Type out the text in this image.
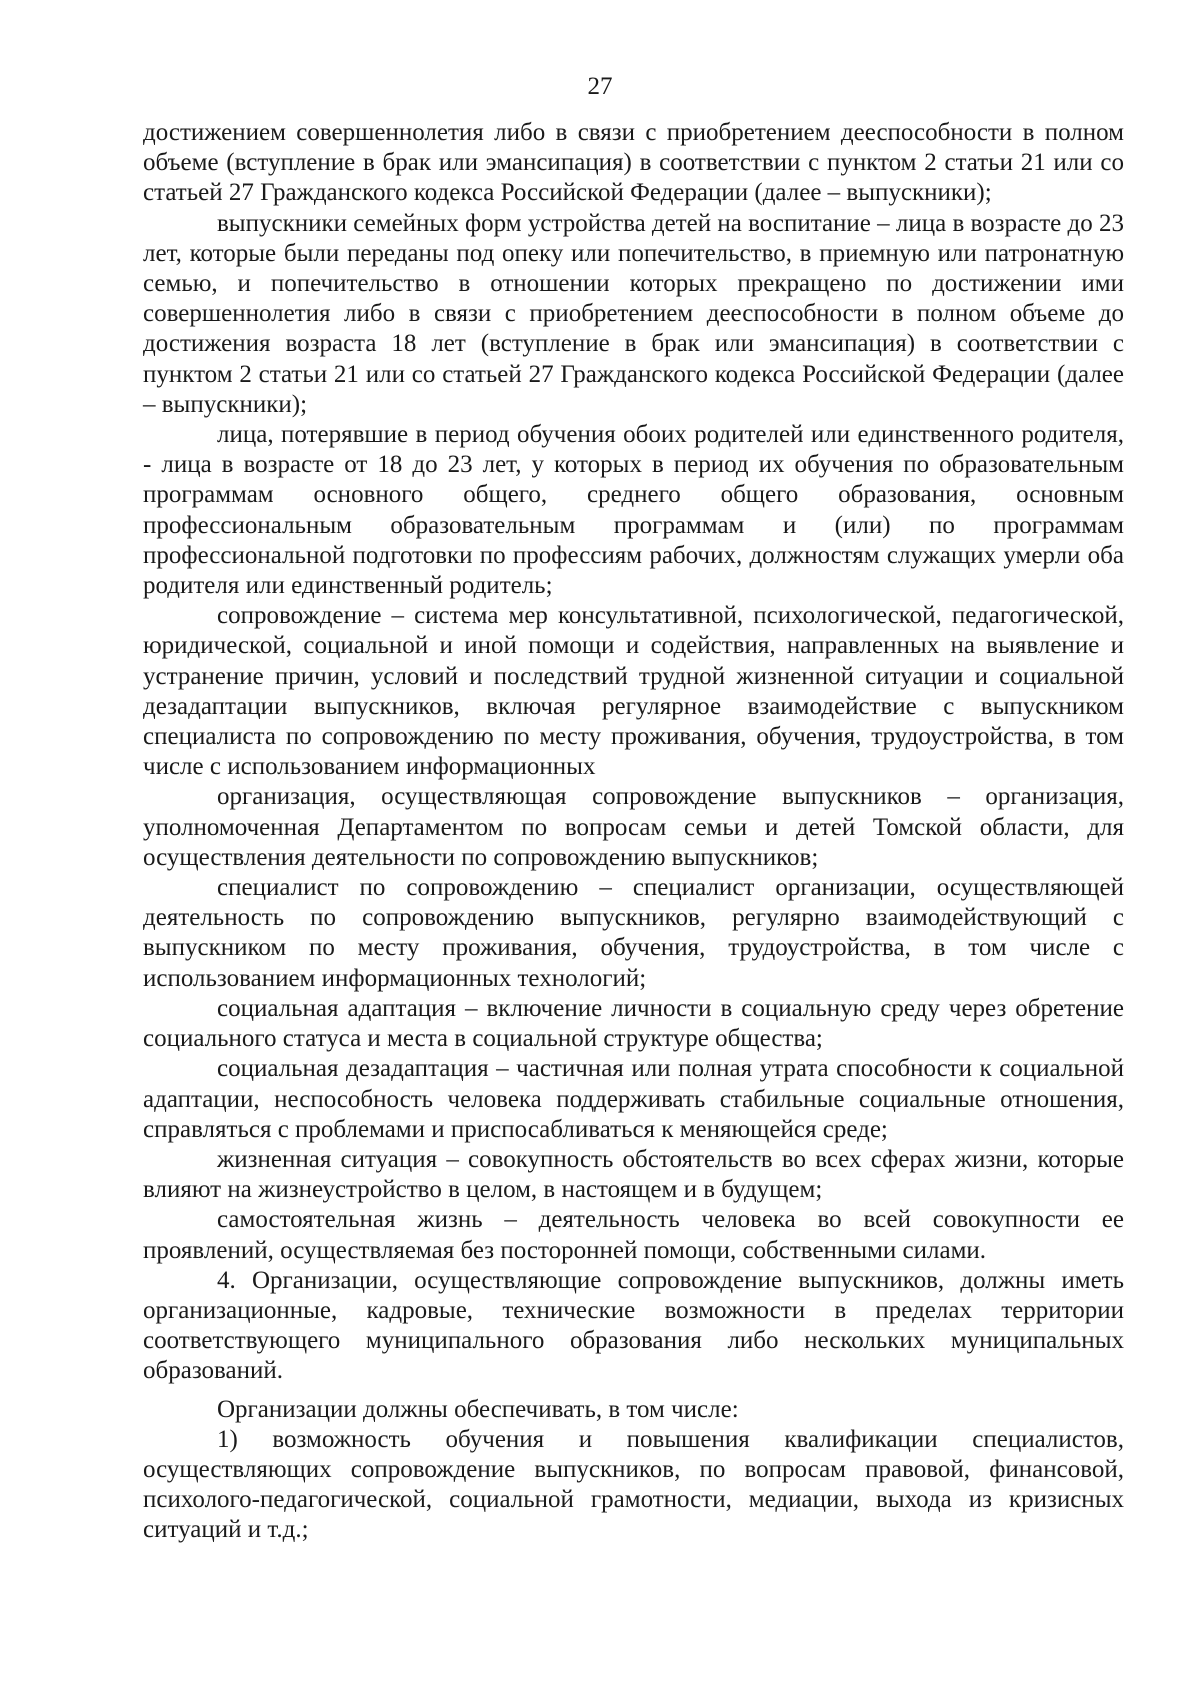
27

достижением совершеннолетия либо в связи с приобретением дееспособности в полном объеме (вступление в брак или эмансипация) в соответствии с пунктом 2 статьи 21 или со статьей 27 Гражданского кодекса Российской Федерации (далее – выпускники);

выпускники семейных форм устройства детей на воспитание – лица в возрасте до 23 лет, которые были переданы под опеку или попечительство, в приемную или патронатную семью, и попечительство в отношении которых прекращено по достижении ими совершеннолетия либо в связи с приобретением дееспособности в полном объеме до достижения возраста 18 лет (вступление в брак или эмансипация) в соответствии с пунктом 2 статьи 21 или со статьей 27 Гражданского кодекса Российской Федерации (далее – выпускники);

лица, потерявшие в период обучения обоих родителей или единственного родителя, - лица в возрасте от 18 до 23 лет, у которых в период их обучения по образовательным программам основного общего, среднего общего образования, основным профессиональным образовательным программам и (или) по программам профессиональной подготовки по профессиям рабочих, должностям служащих умерли оба родителя или единственный родитель;

сопровождение – система мер консультативной, психологической, педагогической, юридической, социальной и иной помощи и содействия, направленных на выявление и устранение причин, условий и последствий трудной жизненной ситуации и социальной дезадаптации выпускников, включая регулярное взаимодействие с выпускником специалиста по сопровождению по месту проживания, обучения, трудоустройства, в том числе с использованием информационных

организация, осуществляющая сопровождение выпускников – организация, уполномоченная Департаментом по вопросам семьи и детей Томской области, для осуществления деятельности по сопровождению выпускников;

специалист по сопровождению – специалист организации, осуществляющей деятельность по сопровождению выпускников, регулярно взаимодействующий с выпускником по месту проживания, обучения, трудоустройства, в том числе с использованием информационных технологий;

социальная адаптация – включение личности в социальную среду через обретение социального статуса и места в социальной структуре общества;

социальная дезадаптация – частичная или полная утрата способности к социальной адаптации, неспособность человека поддерживать стабильные социальные отношения, справляться с проблемами и приспосабливаться к меняющейся среде;

жизненная ситуация – совокупность обстоятельств во всех сферах жизни, которые влияют на жизнеустройство в целом, в настоящем и в будущем;

самостоятельная жизнь – деятельность человека во всей совокупности ее проявлений, осуществляемая без посторонней помощи, собственными силами.

4. Организации, осуществляющие сопровождение выпускников, должны иметь организационные, кадровые, технические возможности в пределах территории соответствующего муниципального образования либо нескольких муниципальных образований.

Организации должны обеспечивать, в том числе:

1) возможность обучения и повышения квалификации специалистов, осуществляющих сопровождение выпускников, по вопросам правовой, финансовой, психолого-педагогической, социальной грамотности, медиации, выхода из кризисных ситуаций и т.д.;
